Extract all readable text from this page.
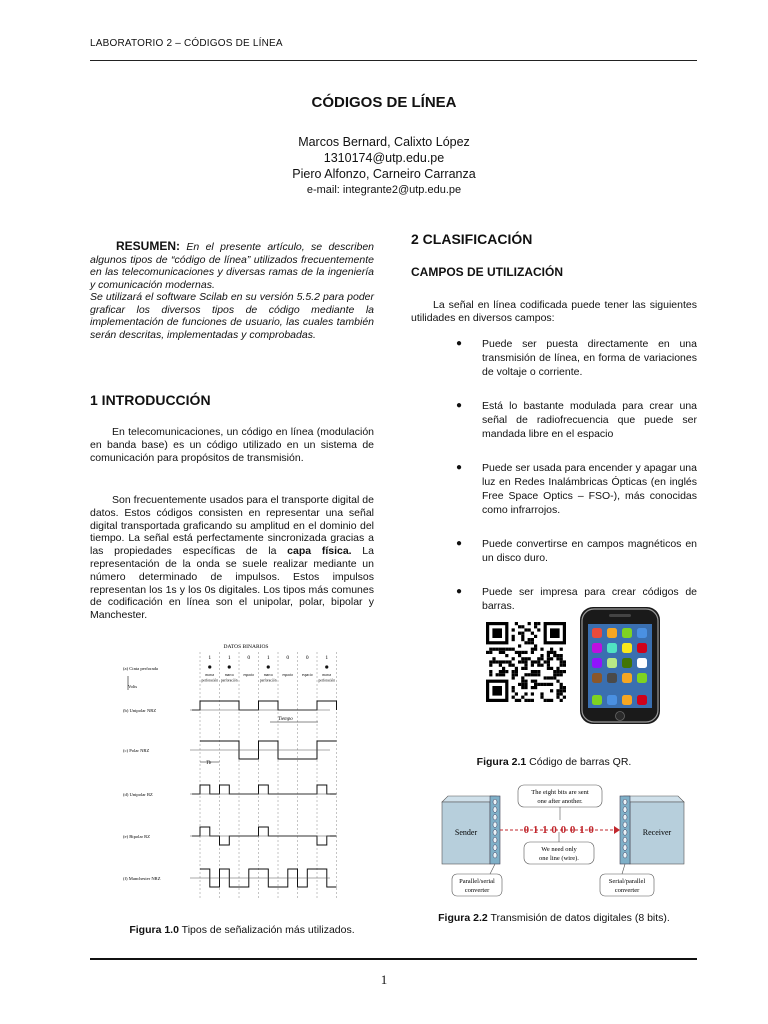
LABORATORIO 2 – CÓDIGOS DE LÍNEA
CÓDIGOS DE LÍNEA
Marcos Bernard, Calixto López
1310174@utp.edu.pe
Piero Alfonzo, Carneiro Carranza
e-mail: integrante2@utp.edu.pe
RESUMEN: En el presente artículo, se describen algunos tipos de “código de línea” utilizados frecuentemente en las telecomunicaciones y diversas ramas de la ingeniería y comunicación modernas.
Se utilizará el software Scilab en su versión 5.5.2 para poder graficar los diversos tipos de código mediante la implementación de funciones de usuario, las cuales también serán descritas, implementadas y comprobadas.
1 INTRODUCCIÓN

En telecomunicaciones, un código en línea (modulación en banda base) es un código utilizado en un sistema de comunicación para propósitos de transmisión.

Son frecuentemente usados para el transporte digital de datos. Estos códigos consisten en representar una señal digital transportada graficando su amplitud en el dominio del tiempo. La señal está perfectamente sincronizada gracias a las propiedades específicas de la capa física. La representación de la onda se suele realizar mediante un número determinado de impulsos. Estos impulsos representan los 1s y los 0s digitales. Los tipos más comunes de codificación en línea son el unipolar, polar, bipolar y Manchester.

DATOS BINARIOS
1	1	0	1	0	0	1
marca
perforación
marca
perforación
espacio	marca
perforación
espacio espacio	marca
perforación
(a) Cinta perforada
(b) Unipolar NRZ
(c) Polar NRZ
(d) Unipolar RZ
(e) Bipolar RZ
(f) Manchester NRZ
Volts
Tiempo
Tb
Figura 1.0 Tipos de señalización más utilizados.
2 CLASIFICACIÓN
CAMPOS DE UTILIZACIÓN

La señal en línea codificada puede tener las siguientes utilidades en diversos campos:

● Puede ser puesta directamente en una transmisión de línea, en forma de variaciones de voltaje o corriente.
● Está lo bastante modulada para crear una señal de radiofrecuencia que puede ser mandada libre en el espacio
● Puede ser usada para encender y apagar una luz en Redes Inalámbricas Ópticas (en inglés Free Space Optics – FSO-), más conocidas como infrarrojos.
● Puede convertirse en campos magnéticos en un disco duro.
● Puede ser impresa para crear códigos de barras.
Figura 2.1 Código de barras QR.
Sender	Receiver
0 1 1 0 0 0 1 0
The eight bits are sent
one after another.
We need only
one line (wire).
Parallel/serial
converter
Serial/parallel
converter
Figura 2.2 Transmisión de datos digitales (8 bits).
1
